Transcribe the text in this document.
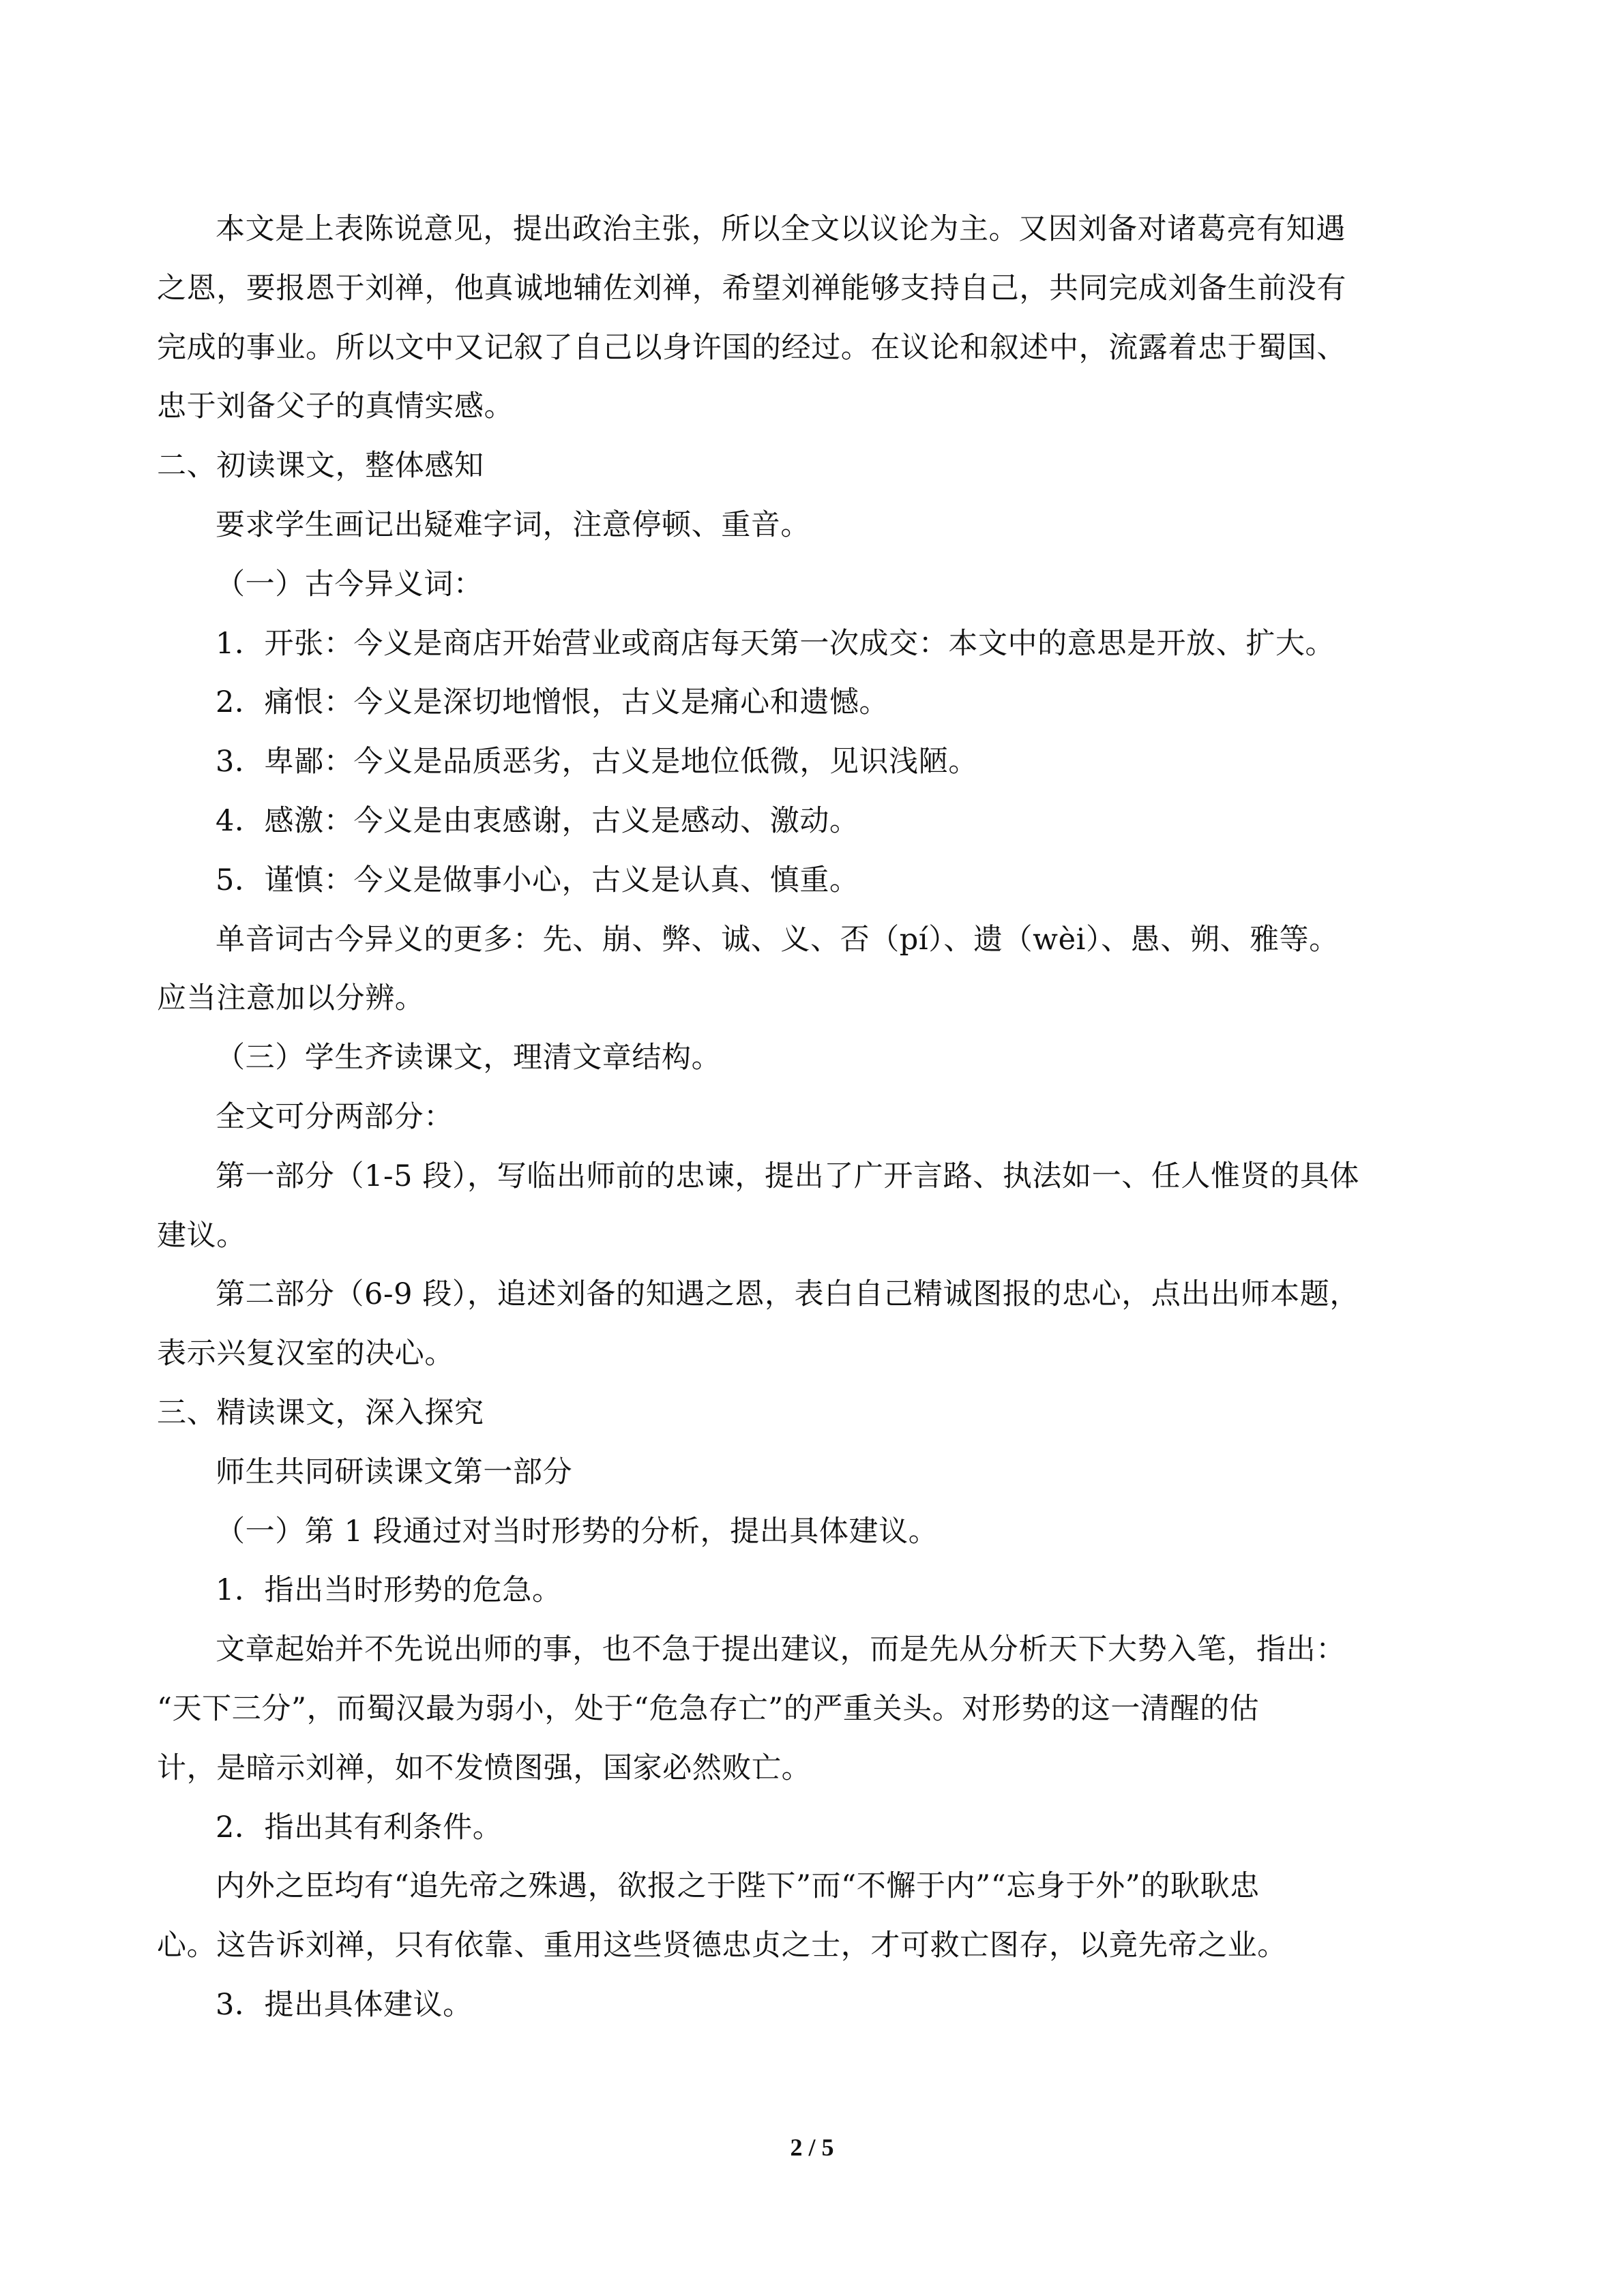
本文是上表陈说意见，提出政治主张，所以全文以议论为主。又因刘备对诸葛亮有知遇
之恩，要报恩于刘禅，他真诚地辅佐刘禅，希望刘禅能够支持自己，共同完成刘备生前没有
完成的事业。所以文中又记叙了自己以身许国的经过。在议论和叙述中，流露着忠于蜀国、
忠于刘备父子的真情实感。
二、初读课文，整体感知
要求学生画记出疑难字词，注意停顿、重音。
（一）古今异义词：
1．开张：今义是商店开始营业或商店每天第一次成交：本文中的意思是开放、扩大。
2．痛恨：今义是深切地憎恨，古义是痛心和遗憾。
3．卑鄙：今义是品质恶劣，古义是地位低微，见识浅陋。
4．感激：今义是由衷感谢，古义是感动、激动。
5．谨慎：今义是做事小心，古义是认真、慎重。
单音词古今异义的更多：先、崩、弊、诚、义、否（pí）、遗（wèi）、愚、朔、雅等。
应当注意加以分辨。
（三）学生齐读课文，理清文章结构。
全文可分两部分：
第一部分（1-5 段），写临出师前的忠谏，提出了广开言路、执法如一、任人惟贤的具体
建议。
第二部分（6-9 段），追述刘备的知遇之恩，表白自己精诚图报的忠心，点出出师本题，
表示兴复汉室的决心。
三、精读课文，深入探究
师生共同研读课文第一部分
（一）第 1 段通过对当时形势的分析，提出具体建议。
1．指出当时形势的危急。
文章起始并不先说出师的事，也不急于提出建议，而是先从分析天下大势入笔，指出：
“天下三分”，而蜀汉最为弱小，处于“危急存亡”的严重关头。对形势的这一清醒的估
计，是暗示刘禅，如不发愤图强，国家必然败亡。
2．指出其有利条件。
内外之臣均有“追先帝之殊遇，欲报之于陛下”而“不懈于内”“忘身于外”的耿耿忠
心。这告诉刘禅，只有依靠、重用这些贤德忠贞之士，才可救亡图存，以竟先帝之业。
3．提出具体建议。
2 / 5
